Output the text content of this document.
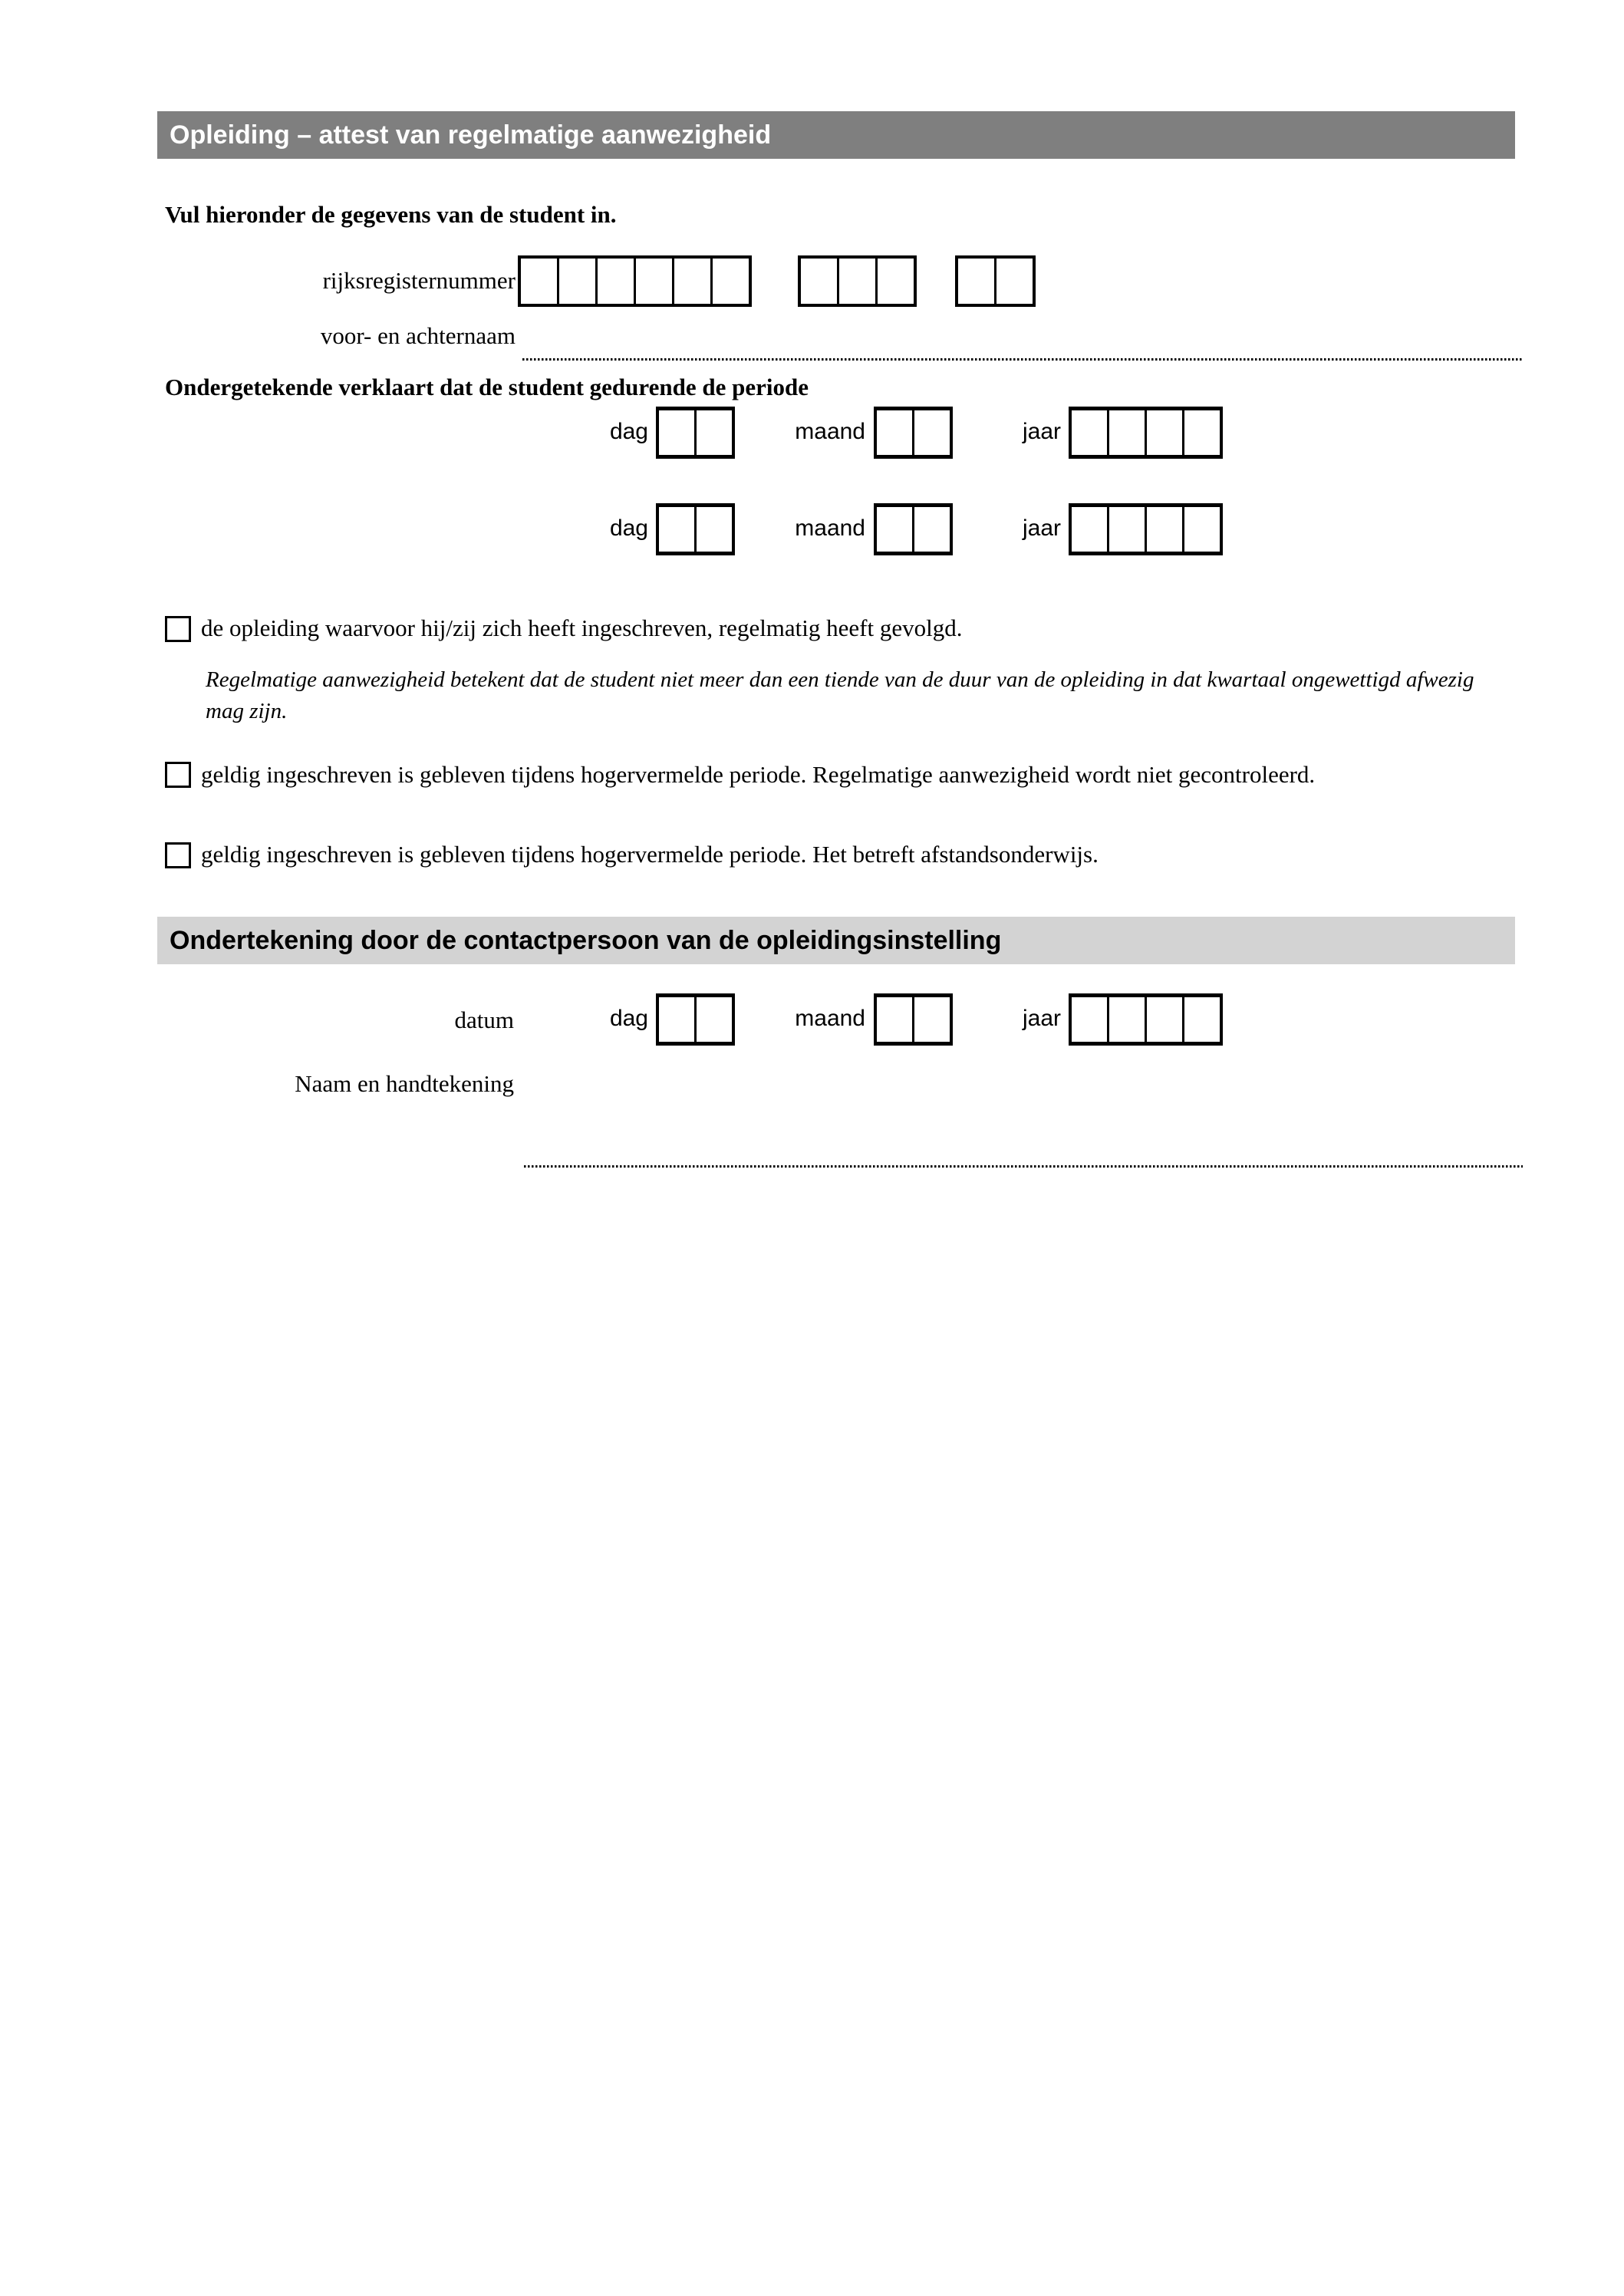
Opleiding – attest van regelmatige aanwezigheid
Vul hieronder de gegevens van de student in.
rijksregisternummer
voor- en achternaam
Ondergetekende verklaart dat de student gedurende de periode
dag	maand	jaar
dag	maand	jaar
de opleiding waarvoor hij/zij zich heeft ingeschreven, regelmatig heeft gevolgd.
Regelmatige aanwezigheid betekent dat de student niet meer dan een tiende van de duur van de opleiding in dat kwartaal ongewettigd afwezig mag zijn.
geldig ingeschreven is gebleven tijdens hogervermelde periode. Regelmatige aanwezigheid wordt niet gecontroleerd.
geldig ingeschreven is gebleven tijdens hogervermelde periode. Het betreft afstandsonderwijs.
Ondertekening door de contactpersoon van de opleidingsinstelling
datum	dag	maand	jaar
Naam en handtekening
